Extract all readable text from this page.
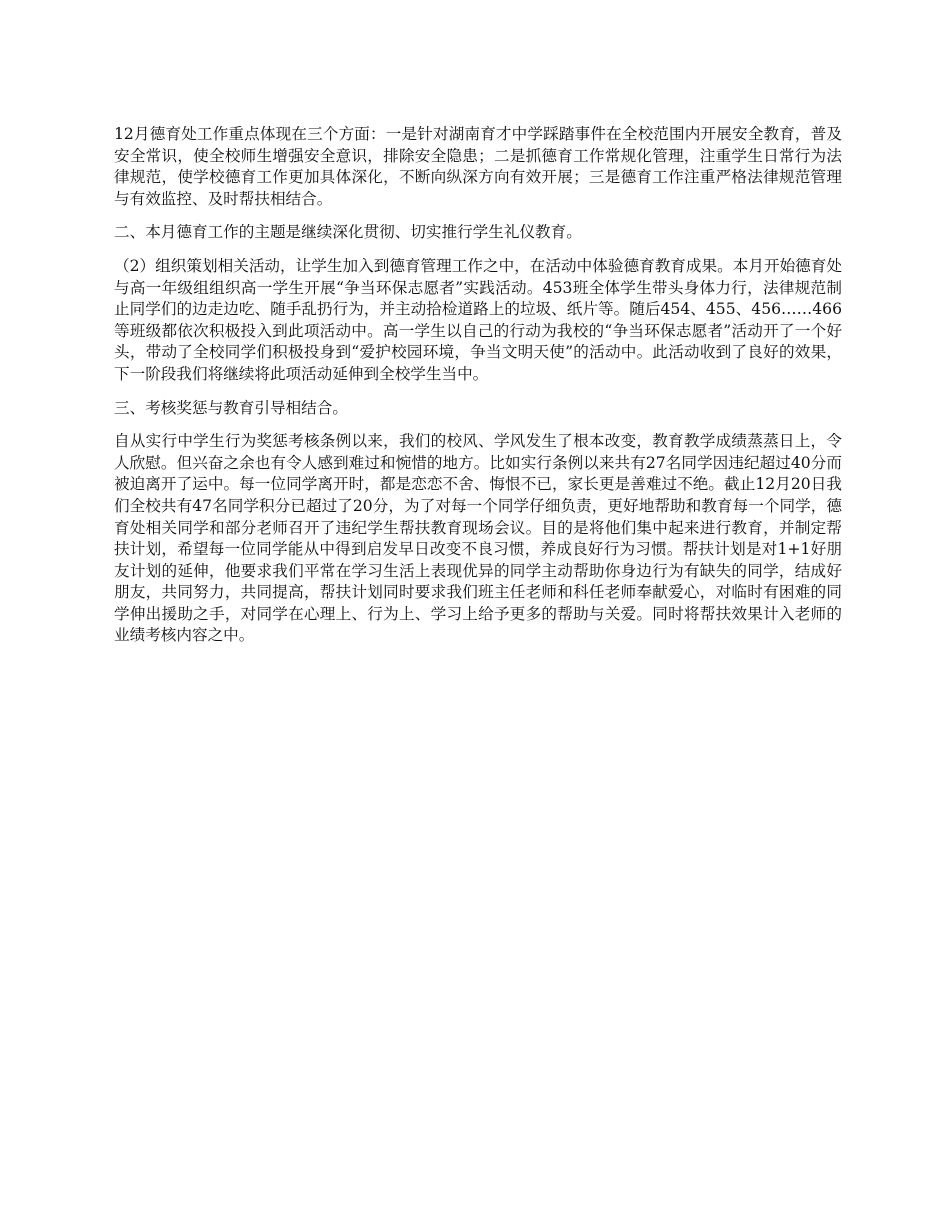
12月德育处工作重点体现在三个方面：一是针对湖南育才中学踩踏事件在全校范围内开展安全教育，普及安全常识，使全校师生增强安全意识，排除安全隐患；二是抓德育工作常规化管理，注重学生日常行为法律规范，使学校德育工作更加具体深化，不断向纵深方向有效开展；三是德育工作注重严格法律规范管理与有效监控、及时帮扶相结合。

二、本月德育工作的主题是继续深化贯彻、切实推行学生礼仪教育。

（2）组织策划相关活动，让学生加入到德育管理工作之中，在活动中体验德育教育成果。本月开始德育处与高一年级组组织高一学生开展“争当环保志愿者”实践活动。453班全体学生带头身体力行，法律规范制止同学们的边走边吃、随手乱扔行为，并主动拾检道路上的垃圾、纸片等。随后454、455、456……466等班级都依次积极投入到此项活动中。高一学生以自己的行动为我校的“争当环保志愿者”活动开了一个好头，带动了全校同学们积极投身到“爱护校园环境，争当文明天使”的活动中。此活动收到了良好的效果，下一阶段我们将继续将此项活动延伸到全校学生当中。

三、考核奖惩与教育引导相结合。

自从实行中学生行为奖惩考核条例以来，我们的校风、学风发生了根本改变，教育教学成绩蒸蒸日上，令人欣慰。但兴奋之余也有令人感到难过和惋惜的地方。比如实行条例以来共有27名同学因违纪超过40分而被迫离开了运中。每一位同学离开时，都是恋恋不舍、悔恨不已，家长更是善难过不绝。截止12月20日我们全校共有47名同学积分已超过了20分，为了对每一个同学仔细负责，更好地帮助和教育每一个同学，德育处相关同学和部分老师召开了违纪学生帮扶教育现场会议。目的是将他们集中起来进行教育，并制定帮扶计划，希望每一位同学能从中得到启发早日改变不良习惯，养成良好行为习惯。帮扶计划是对1+1好朋友计划的延伸，他要求我们平常在学习生活上表现优异的同学主动帮助你身边行为有缺失的同学，结成好朋友，共同努力，共同提高，帮扶计划同时要求我们班主任老师和科任老师奉献爱心，对临时有困难的同学伸出援助之手，对同学在心理上、行为上、学习上给予更多的帮助与关爱。同时将帮扶效果计入老师的业绩考核内容之中。
